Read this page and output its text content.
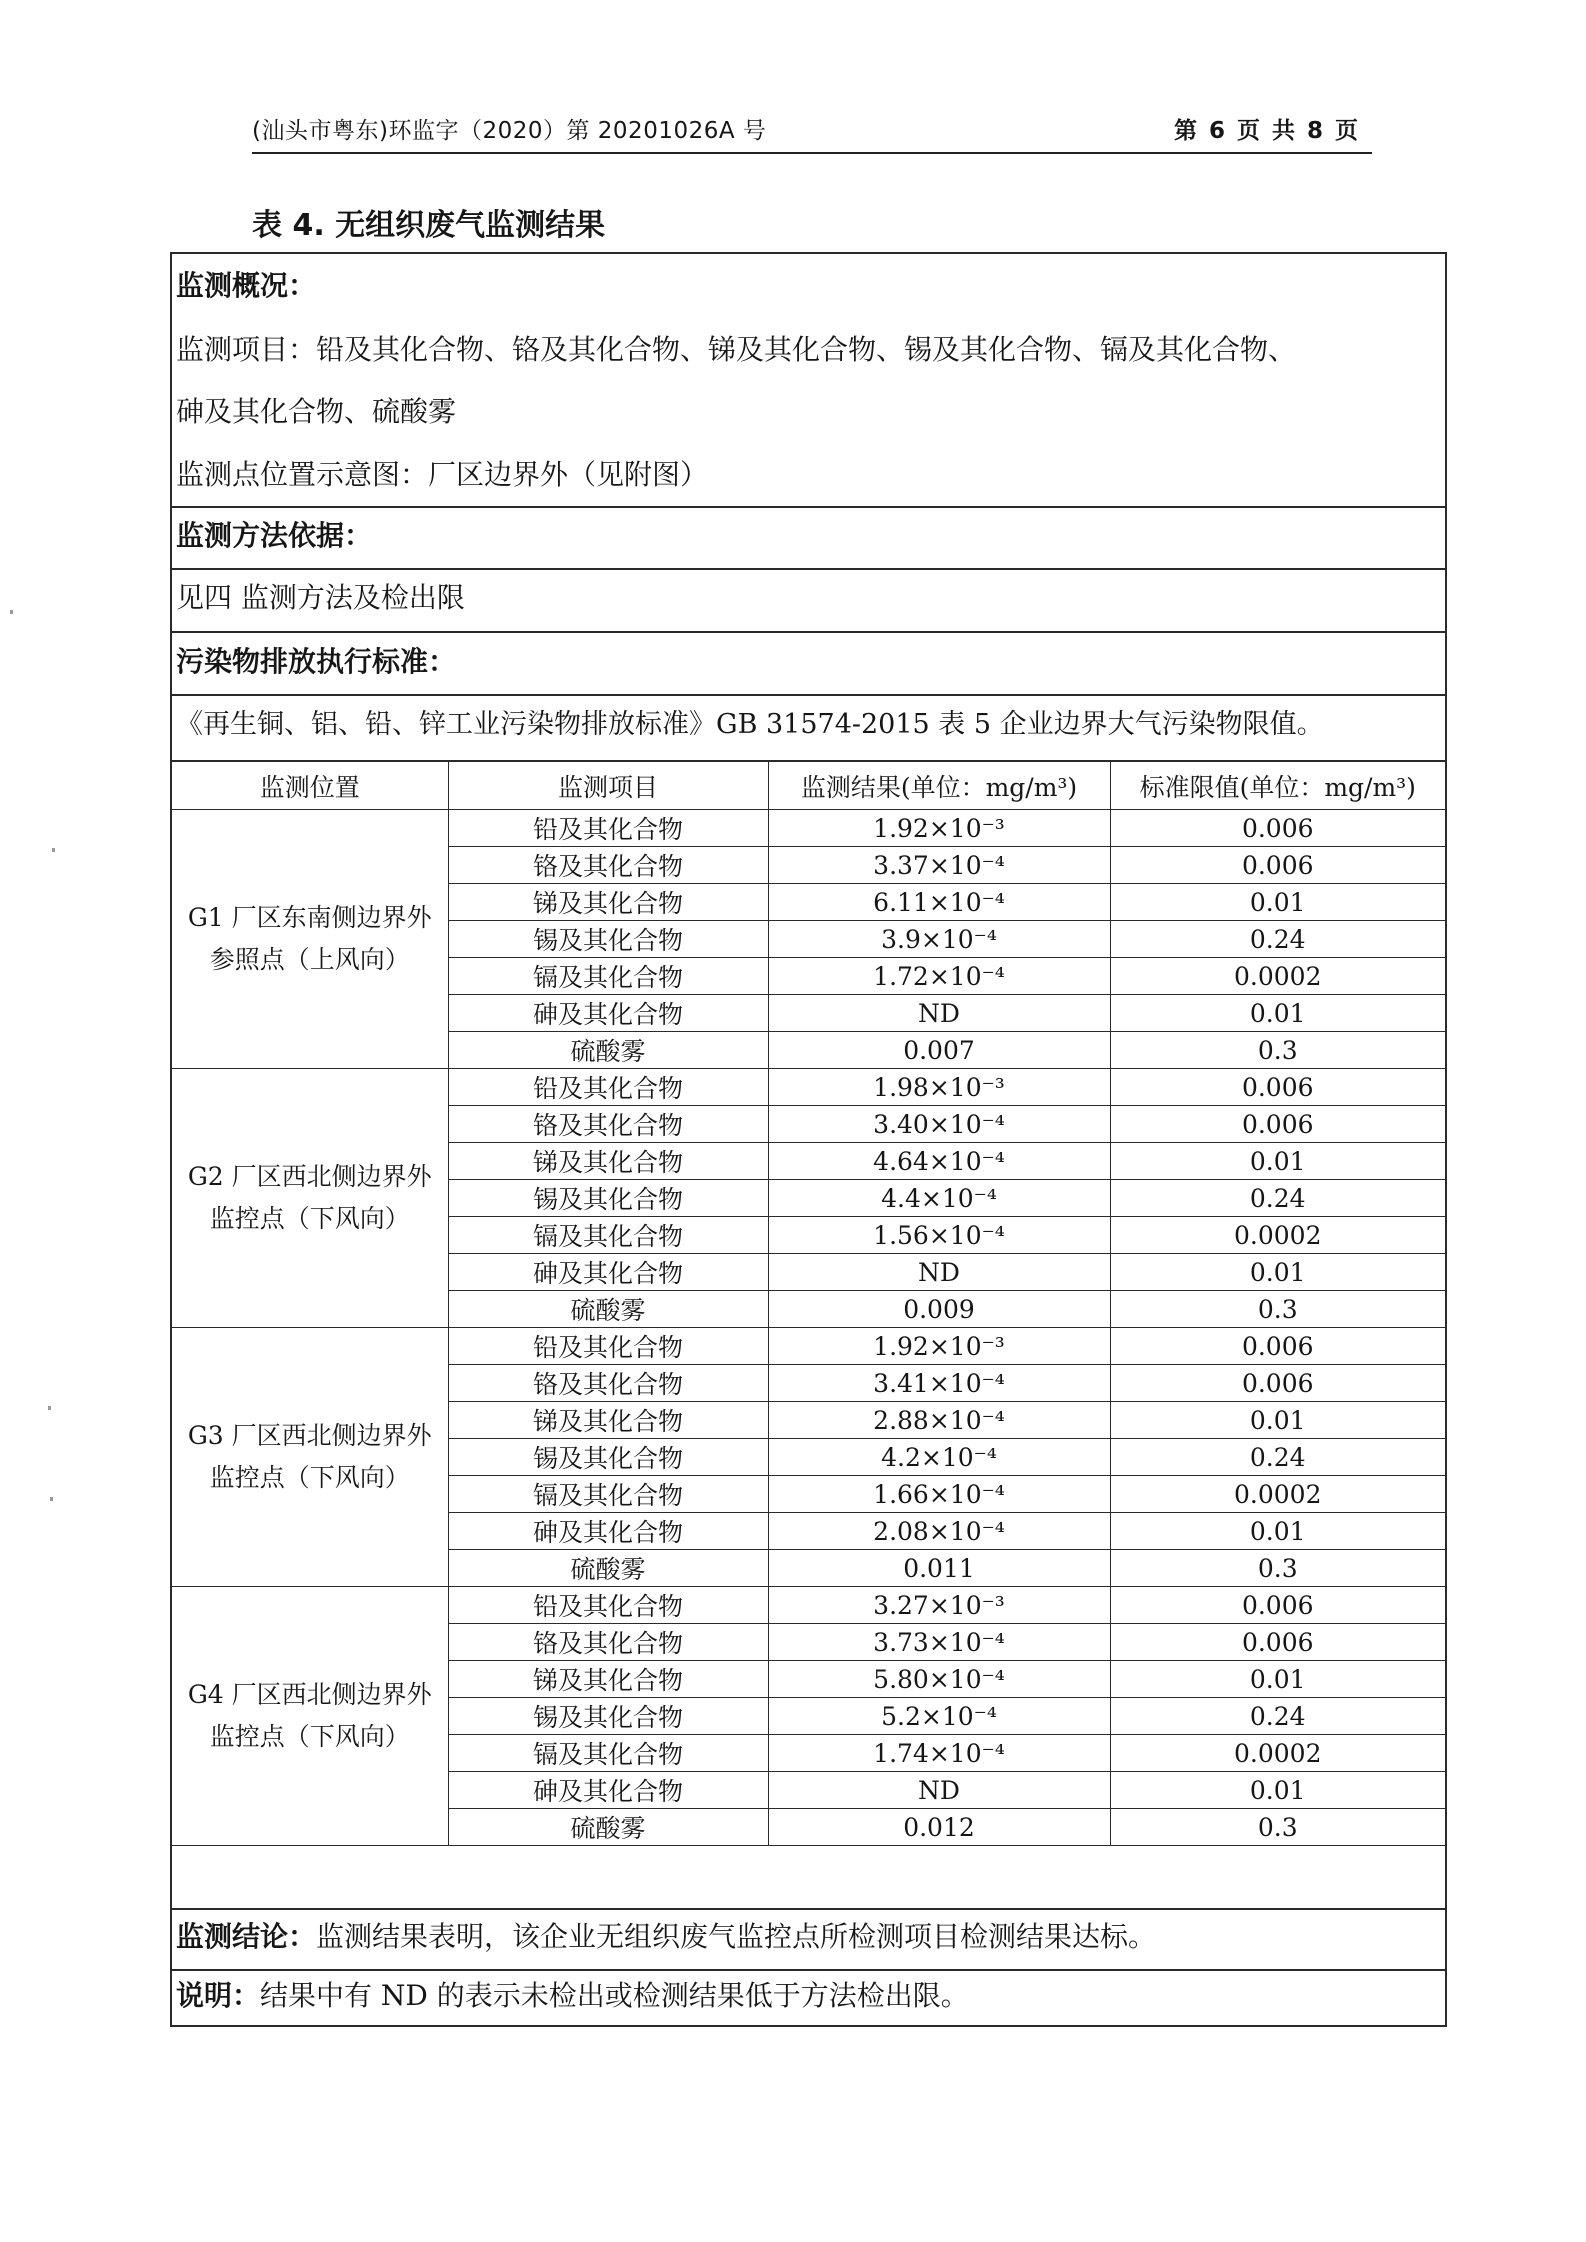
(汕头市粤东)环监字（2020）第 20201026A 号	第 6 页 共 8 页
表 4. 无组织废气监测结果
监测概况：
监测项目：铅及其化合物、铬及其化合物、锑及其化合物、锡及其化合物、镉及其化合物、
砷及其化合物、硫酸雾
监测点位置示意图：厂区边界外（见附图）
监测方法依据：
见四 监测方法及检出限
污染物排放执行标准：
《再生铜、铝、铅、锌工业污染物排放标准》GB 31574-2015 表 5 企业边界大气污染物限值。
监测位置	监测项目	监测结果(单位：mg/m³)	标准限值(单位：mg/m³)
G1 厂区东南侧边界外参照点（上风向）	铅及其化合物	1.92×10⁻³	0.006
	铬及其化合物	3.37×10⁻⁴	0.006
	锑及其化合物	6.11×10⁻⁴	0.01
	锡及其化合物	3.9×10⁻⁴	0.24
	镉及其化合物	1.72×10⁻⁴	0.0002
	砷及其化合物	ND	0.01
	硫酸雾	0.007	0.3
G2 厂区西北侧边界外监控点（下风向）	铅及其化合物	1.98×10⁻³	0.006
	铬及其化合物	3.40×10⁻⁴	0.006
	锑及其化合物	4.64×10⁻⁴	0.01
	锡及其化合物	4.4×10⁻⁴	0.24
	镉及其化合物	1.56×10⁻⁴	0.0002
	砷及其化合物	ND	0.01
	硫酸雾	0.009	0.3
G3 厂区西北侧边界外监控点（下风向）	铅及其化合物	1.92×10⁻³	0.006
	铬及其化合物	3.41×10⁻⁴	0.006
	锑及其化合物	2.88×10⁻⁴	0.01
	锡及其化合物	4.2×10⁻⁴	0.24
	镉及其化合物	1.66×10⁻⁴	0.0002
	砷及其化合物	2.08×10⁻⁴	0.01
	硫酸雾	0.011	0.3
G4 厂区西北侧边界外监控点（下风向）	铅及其化合物	3.27×10⁻³	0.006
	铬及其化合物	3.73×10⁻⁴	0.006
	锑及其化合物	5.80×10⁻⁴	0.01
	锡及其化合物	5.2×10⁻⁴	0.24
	镉及其化合物	1.74×10⁻⁴	0.0002
	砷及其化合物	ND	0.01
	硫酸雾	0.012	0.3
监测结论：监测结果表明，该企业无组织废气监控点所检测项目检测结果达标。
说明：结果中有 ND 的表示未检出或检测结果低于方法检出限。
